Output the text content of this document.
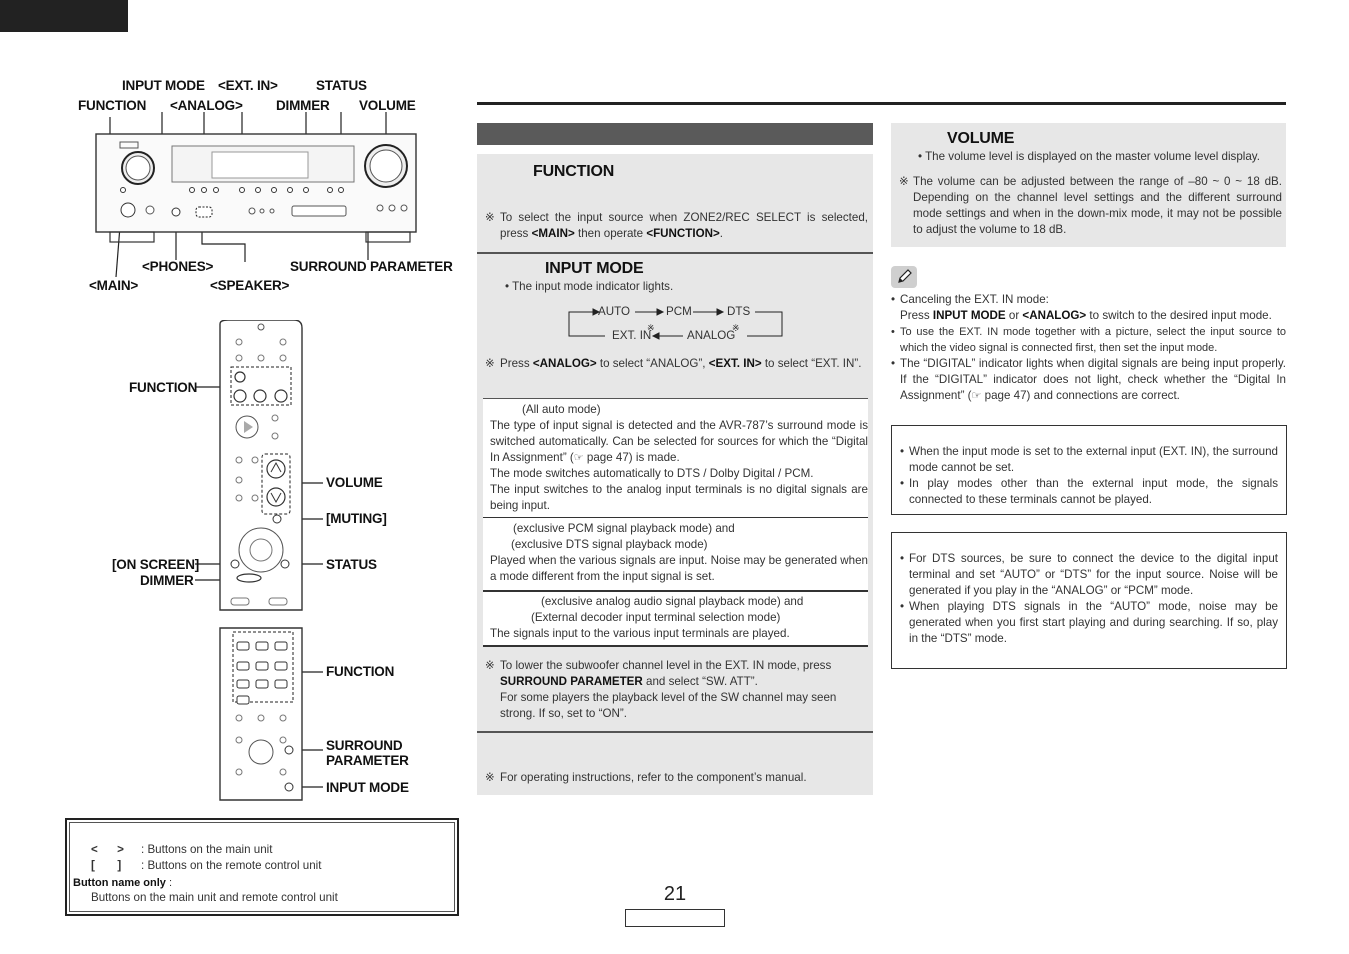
INPUT MODE <EXT. IN>	STATUS
FUNCTION <ANALOG> DIMMER VOLUME
<PHONES>	SURROUND PARAMETER
<MAIN>	<SPEAKER>
FUNCTION
VOLUME
[MUTING]
[ON SCREEN]	STATUS
DIMMER
FUNCTION
SURROUND
PARAMETER
INPUT MODE
<      > : Buttons on the main unit
[       ] : Buttons on the remote control unit
Button name only :
Buttons on the main unit and remote control unit	21
FUNCTION
※ To select the input source when ZONE2/REC SELECT is selected, press <MAIN> then operate <FUNCTION>.
INPUT MODE
• The input mode indicator lights.
AUTO	PCM	DTS
EXT. IN
※
ANALOG
※
※ Press <ANALOG> to select “ANALOG”, <EXT. IN> to select “EXT. IN”.
(All auto mode)
The type of input signal is detected and the AVR-787’s surround mode is switched automatically. Can be selected for sources for which the “Digital In Assignment” (☞ page 47) is made.
The mode switches automatically to DTS / Dolby Digital / PCM.
The input switches to the analog input terminals is no digital signals are being input.
(exclusive PCM signal playback mode) and
(exclusive DTS signal playback mode)
Played when the various signals are input. Noise may be generated when a mode different from the input signal is set.
(exclusive analog audio signal playback mode) and
(External decoder input terminal selection mode)
The signals input to the various input terminals are played.
※ To lower the subwoofer channel level in the EXT. IN mode, press SURROUND PARAMETER and select “SW. ATT”.
For some players the playback level of the SW channel may seen strong. If so, set to “ON”.
※ For operating instructions, refer to the component’s manual.
VOLUME
• The volume level is displayed on the master volume level display.
※ The volume can be adjusted between the range of –80 ~ 0 ~ 18 dB. Depending on the channel level settings and the different surround mode settings and when in the down-mix mode, it may not be possible to adjust the volume to 18 dB.
• Canceling the EXT. IN mode:
Press INPUT MODE or <ANALOG> to switch to the desired input mode.
• To use the EXT. IN mode together with a picture, select the input source to which the video signal is connected first, then set the input mode.
• The “DIGITAL” indicator lights when digital signals are being input properly. If the “DIGITAL” indicator does not light, check whether the “Digital In Assignment” (☞ page 47) and connections are correct.
• When the input mode is set to the external input (EXT. IN), the surround mode cannot be set.
• In play modes other than the external input mode, the signals connected to these terminals cannot be played.
• For DTS sources, be sure to connect the device to the digital input terminal and set “AUTO” or “DTS” for the input source. Noise will be generated if you play in the “ANALOG” or “PCM” mode.
• When playing DTS signals in the “AUTO” mode, noise may be generated when you first start playing and during searching. If so, play in the “DTS” mode.
